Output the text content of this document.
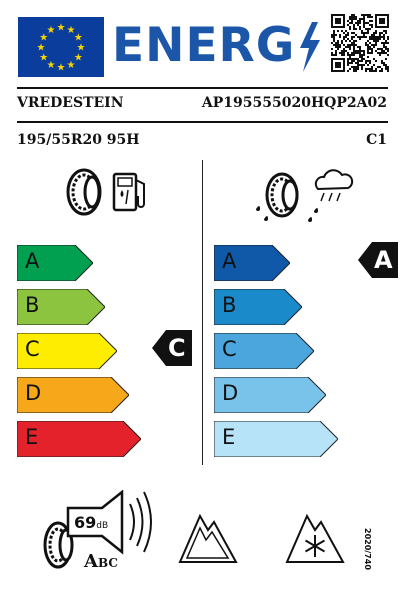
★ ★
★
★
★
★
★
★
★
★
★
★ ENERG
VREDESTEIN	AP195555020HQP2A02
195/55R20 95H	C1
A
B
C
D
E
C
A
B
C
D
E
A
69dB
ABC	2020/740
